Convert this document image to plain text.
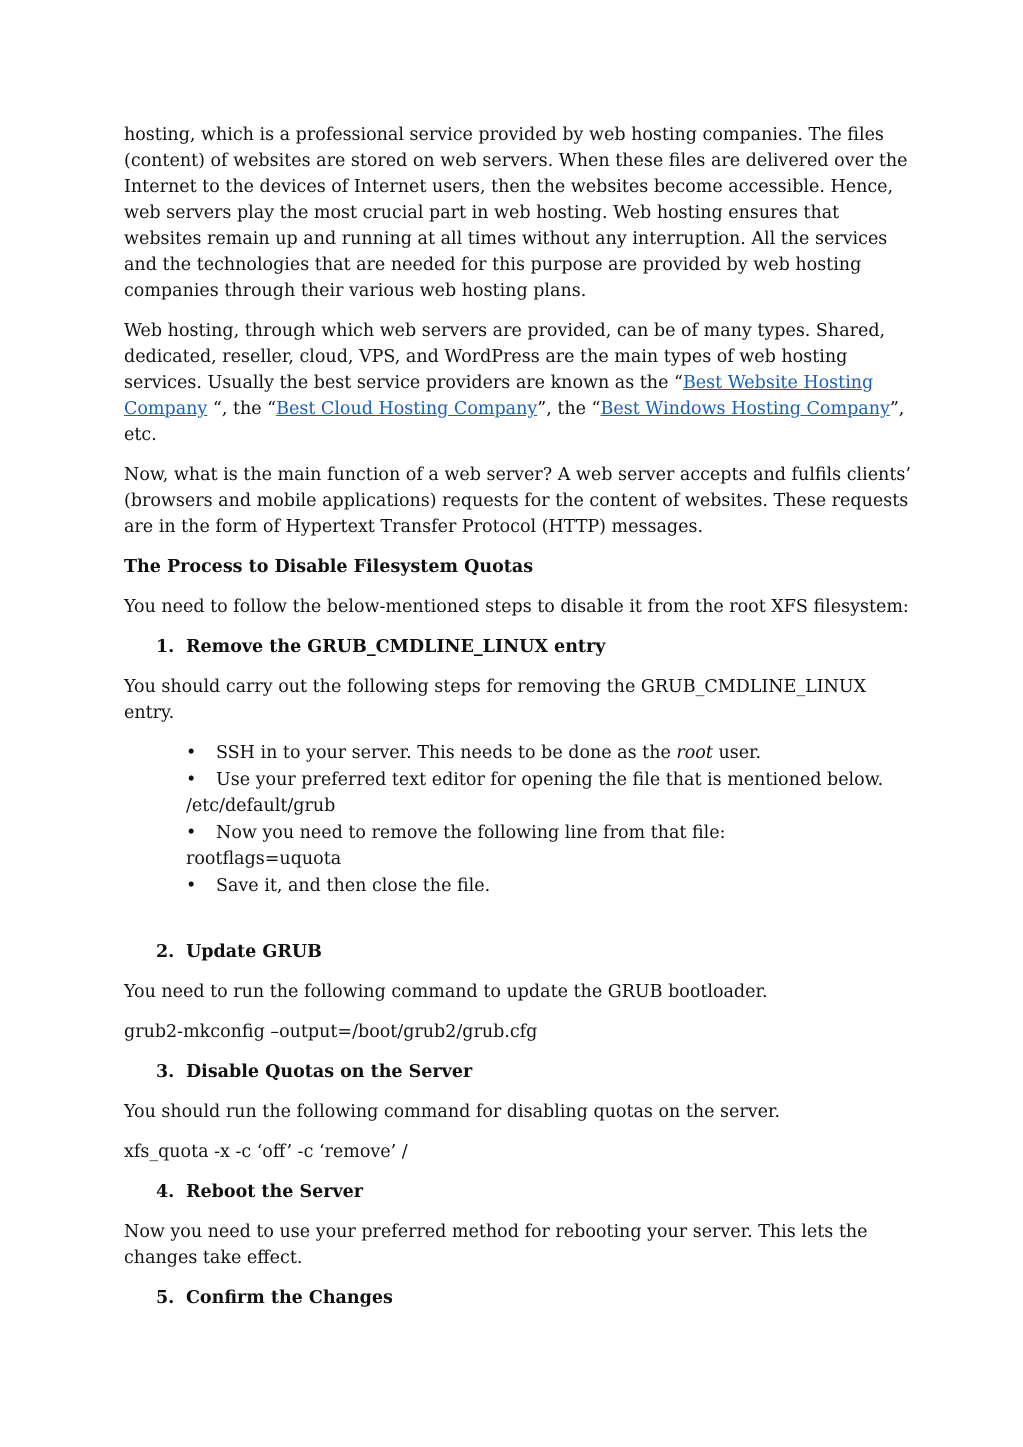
hosting, which is a professional service provided by web hosting companies. The files (content) of websites are stored on web servers. When these files are delivered over the Internet to the devices of Internet users, then the websites become accessible. Hence, web servers play the most crucial part in web hosting. Web hosting ensures that websites remain up and running at all times without any interruption. All the services and the technologies that are needed for this purpose are provided by web hosting companies through their various web hosting plans.

Web hosting, through which web servers are provided, can be of many types. Shared, dedicated, reseller, cloud, VPS, and WordPress are the main types of web hosting services. Usually the best service providers are known as the “Best Website Hosting Company “, the “Best Cloud Hosting Company”, the “Best Windows Hosting Company”, etc.

Now, what is the main function of a web server? A web server accepts and fulfils clients’ (browsers and mobile applications) requests for the content of websites. These requests are in the form of Hypertext Transfer Protocol (HTTP) messages.

The Process to Disable Filesystem Quotas

You need to follow the below-mentioned steps to disable it from the root XFS filesystem:

1. Remove the GRUB_CMDLINE_LINUX entry

You should carry out the following steps for removing the GRUB_CMDLINE_LINUX entry.

• SSH in to your server. This needs to be done as the root user.
• Use your preferred text editor for opening the file that is mentioned below.
/etc/default/grub
• Now you need to remove the following line from that file:
rootflags=uquota
• Save it, and then close the file.
2. Update GRUB

You need to run the following command to update the GRUB bootloader.

grub2-mkconfig –output=/boot/grub2/grub.cfg

3. Disable Quotas on the Server

You should run the following command for disabling quotas on the server.

xfs_quota -x -c ‘off’ -c ‘remove’ /

4. Reboot the Server

Now you need to use your preferred method for rebooting your server. This lets the changes take effect.

5. Confirm the Changes
